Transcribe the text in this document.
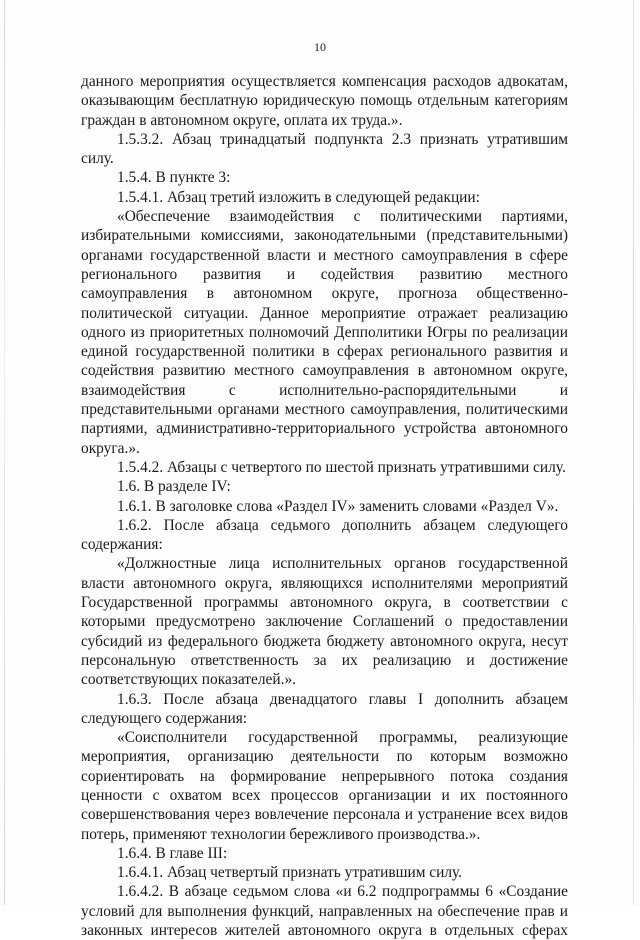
10

данного мероприятия осуществляется компенсация расходов адвокатам, оказывающим бесплатную юридическую помощь отдельным категориям граждан в автономном округе, оплата их труда.».

1.5.3.2. Абзац тринадцатый подпункта 2.3 признать утратившим силу.

1.5.4. В пункте 3:

1.5.4.1. Абзац третий изложить в следующей редакции:

«Обеспечение взаимодействия с политическими партиями, избирательными комиссиями, законодательными (представительными) органами государственной власти и местного самоуправления в сфере регионального развития и содействия развитию местного самоуправления в автономном округе, прогноза общественно-политической ситуации. Данное мероприятие отражает реализацию одного из приоритетных полномочий Депполитики Югры по реализации единой государственной политики в сферах регионального развития и содействия развитию местного самоуправления в автономном округе, взаимодействия с исполнительно-распорядительными и представительными органами местного самоуправления, политическими партиями, административно-территориального устройства автономного округа.».

1.5.4.2. Абзацы с четвертого по шестой признать утратившими силу.

1.6. В разделе IV:

1.6.1. В заголовке слова «Раздел IV» заменить словами «Раздел V».

1.6.2. После абзаца седьмого дополнить абзацем следующего содержания:

«Должностные лица исполнительных органов государственной власти автономного округа, являющихся исполнителями мероприятий Государственной программы автономного округа, в соответствии с которыми предусмотрено заключение Соглашений о предоставлении субсидий из федерального бюджета бюджету автономного округа, несут персональную ответственность за их реализацию и достижение соответствующих показателей.».

1.6.3. После абзаца двенадцатого главы I дополнить абзацем следующего содержания:

«Соисполнители государственной программы, реализующие мероприятия, организацию деятельности по которым возможно сориентировать на формирование непрерывного потока создания ценности с охватом всех процессов организации и их постоянного совершенствования через вовлечение персонала и устранение всех видов потерь, применяют технологии бережливого производства.».

1.6.4. В главе III:

1.6.4.1. Абзац четвертый признать утратившим силу.

1.6.4.2. В абзаце седьмом слова «и 6.2 подпрограммы 6 «Создание условий для выполнения функций, направленных на обеспечение прав и законных интересов жителей автономного округа в отдельных сферах
